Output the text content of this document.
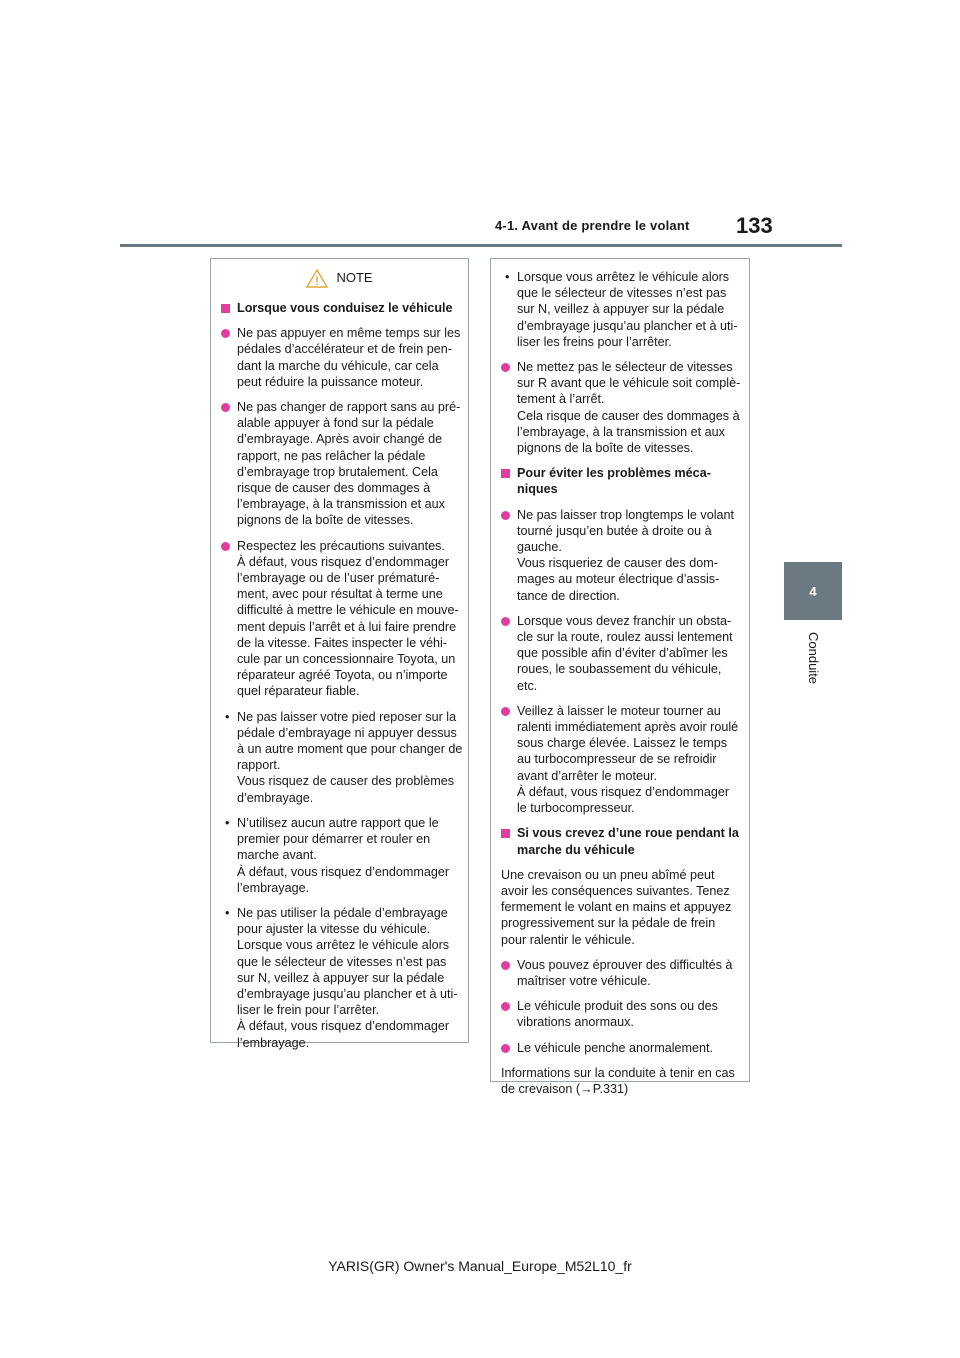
4-1. Avant de prendre le volant 133
4
Conduite
NOTE
Lorsque vous conduisez le véhicule
Ne pas appuyer en même temps sur les
pédales d’accélérateur et de frein pen-
dant la marche du véhicule, car cela
peut réduire la puissance moteur.
Ne pas changer de rapport sans au pré-
alable appuyer à fond sur la pédale
d’embrayage. Après avoir changé de
rapport, ne pas relâcher la pédale
d’embrayage trop brutalement. Cela
risque de causer des dommages à
l’embrayage, à la transmission et aux
pignons de la boîte de vitesses.
Respectez les précautions suivantes.
À défaut, vous risquez d’endommager
l’embrayage ou de l’user prématuré-
ment, avec pour résultat à terme une
difficulté à mettre le véhicule en mouve-
ment depuis l’arrêt et à lui faire prendre
de la vitesse. Faites inspecter le véhi-
cule par un concessionnaire Toyota, un
réparateur agréé Toyota, ou n’importe
quel réparateur fiable.
• Ne pas laisser votre pied reposer sur la
pédale d’embrayage ni appuyer dessus
à un autre moment que pour changer de
rapport.
Vous risquez de causer des problèmes
d’embrayage.
• N’utilisez aucun autre rapport que le
premier pour démarrer et rouler en
marche avant.
À défaut, vous risquez d’endommager
l’embrayage.
• Ne pas utiliser la pédale d’embrayage
pour ajuster la vitesse du véhicule.
Lorsque vous arrêtez le véhicule alors
que le sélecteur de vitesses n’est pas
sur N, veillez à appuyer sur la pédale
d’embrayage jusqu’au plancher et à uti-
liser le frein pour l’arrêter.
À défaut, vous risquez d’endommager
l’embrayage.
• Lorsque vous arrêtez le véhicule alors
que le sélecteur de vitesses n’est pas
sur N, veillez à appuyer sur la pédale
d’embrayage jusqu’au plancher et à uti-
liser les freins pour l’arrêter.
Ne mettez pas le sélecteur de vitesses
sur R avant que le véhicule soit complè-
tement à l’arrêt.
Cela risque de causer des dommages à
l’embrayage, à la transmission et aux
pignons de la boîte de vitesses.
Pour éviter les problèmes méca-
niques
Ne pas laisser trop longtemps le volant
tourné jusqu’en butée à droite ou à
gauche.
Vous risqueriez de causer des dom-
mages au moteur électrique d’assis-
tance de direction.
Lorsque vous devez franchir un obsta-
cle sur la route, roulez aussi lentement
que possible afin d’éviter d’abîmer les
roues, le soubassement du véhicule,
etc.
Veillez à laisser le moteur tourner au
ralenti immédiatement après avoir roulé
sous charge élevée. Laissez le temps
au turbocompresseur de se refroidir
avant d’arrêter le moteur.
À défaut, vous risquez d’endommager
le turbocompresseur.
Si vous crevez d’une roue pendant la
marche du véhicule
Une crevaison ou un pneu abîmé peut
avoir les conséquences suivantes. Tenez
fermement le volant en mains et appuyez
progressivement sur la pédale de frein
pour ralentir le véhicule.
Vous pouvez éprouver des difficultés à
maîtriser votre véhicule.
Le véhicule produit des sons ou des
vibrations anormaux.
Le véhicule penche anormalement.
Informations sur la conduite à tenir en cas
de crevaison (→P.331)
YARIS(GR) Owner's Manual_Europe_M52L10_fr
